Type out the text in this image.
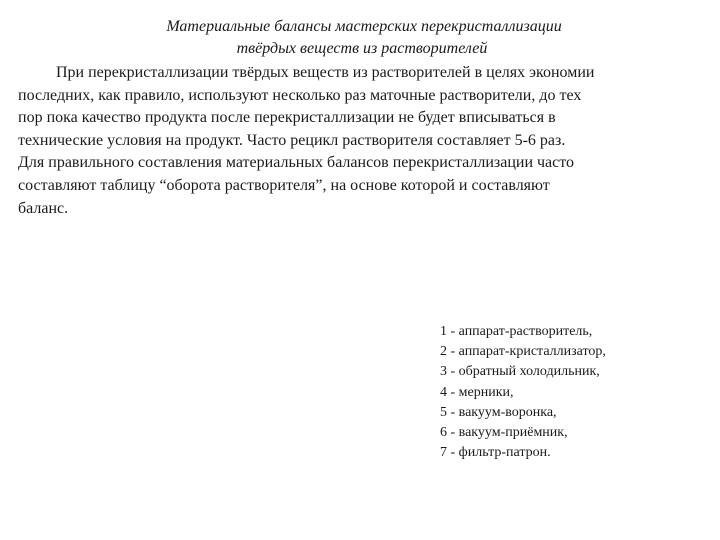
Материальные балансы мастерских перекристаллизации
твёрдых веществ из растворителей
При перекристаллизации твёрдых веществ из растворителей в целях экономии
последних, как правило, используют несколько раз маточные растворители, до тех
пор пока качество продукта после перекристаллизации не будет вписываться в
технические условия на продукт. Часто рецикл растворителя составляет 5-6 раз.
Для правильного составления материальных балансов перекристаллизации часто
составляют таблицу “оборота растворителя”, на основе которой и составляют
баланс.
1 - аппарат-растворитель,
2 - аппарат-кристаллизатор,
3 - обратный холодильник,
4 - мерники,
5 - вакуум-воронка,
6 - вакуум-приёмник,
7 - фильтр-патрон.
